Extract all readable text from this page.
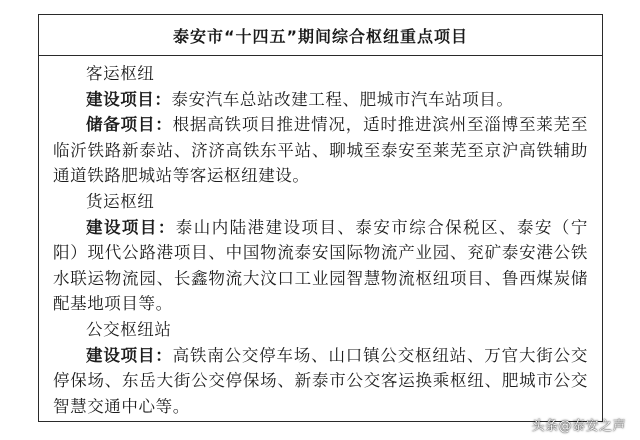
泰安市“十四五”期间综合枢纽重点项目

客运枢纽

建设项目：泰安汽车总站改建工程、肥城市汽车站项目。

储备项目：根据高铁项目推进情况，适时推进滨州至淄博至莱芜至临沂铁路新泰站、济济高铁东平站、聊城至泰安至莱芜至京沪高铁辅助通道铁路肥城站等客运枢纽建设。

货运枢纽

建设项目：泰山内陆港建设项目、泰安市综合保税区、泰安（宁阳）现代公路港项目、中国物流泰安国际物流产业园、兖矿泰安港公铁水联运物流园、长鑫物流大汶口工业园智慧物流枢纽项目、鲁西煤炭储配基地项目等。

公交枢纽站

建设项目：高铁南公交停车场、山口镇公交枢纽站、万官大街公交停保场、东岳大街公交停保场、新泰市公交客运换乘枢纽、肥城市公交智慧交通中心等。

头条@泰安之声
